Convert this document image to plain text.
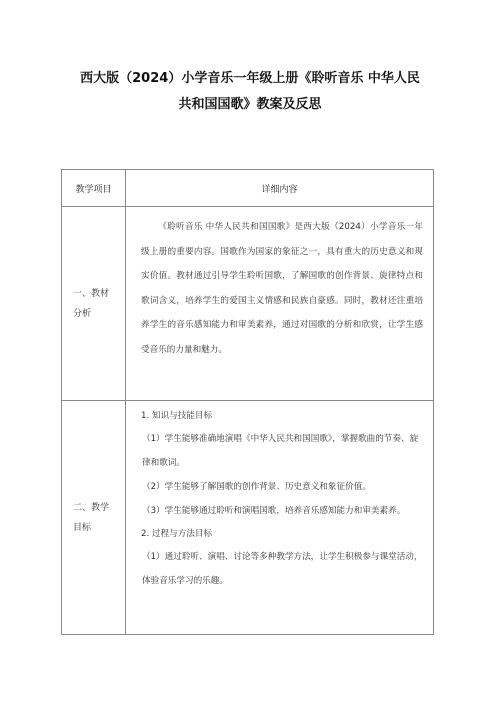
西大版（2024）小学音乐一年级上册《聆听音乐 中华人民
共和国国歌》教案及反思
教学项目	详细内容
一、教材
分析

《聆听音乐 中华人民共和国国歌》是西大版（2024）小学音乐一年级上册的重要内容。国歌作为国家的象征之一，具有重大的历史意义和现实价值。教材通过引导学生聆听国歌，了解国歌的创作背景、旋律特点和歌词含义，培养学生的爱国主义情感和民族自豪感。同时，教材还注重培养学生的音乐感知能力和审美素养，通过对国歌的分析和欣赏，让学生感受音乐的力量和魅力。

二、教学
目标

1. 知识与技能目标

（1）学生能够准确地演唱《中华人民共和国国歌》，掌握歌曲的节奏、旋律和歌词。

（2）学生能够了解国歌的创作背景、历史意义和象征价值。

（3）学生能够通过聆听和演唱国歌，培养音乐感知能力和审美素养。

2. 过程与方法目标

（1）通过聆听、演唱、讨论等多种教学方法，让学生积极参与课堂活动，体验音乐学习的乐趣。
